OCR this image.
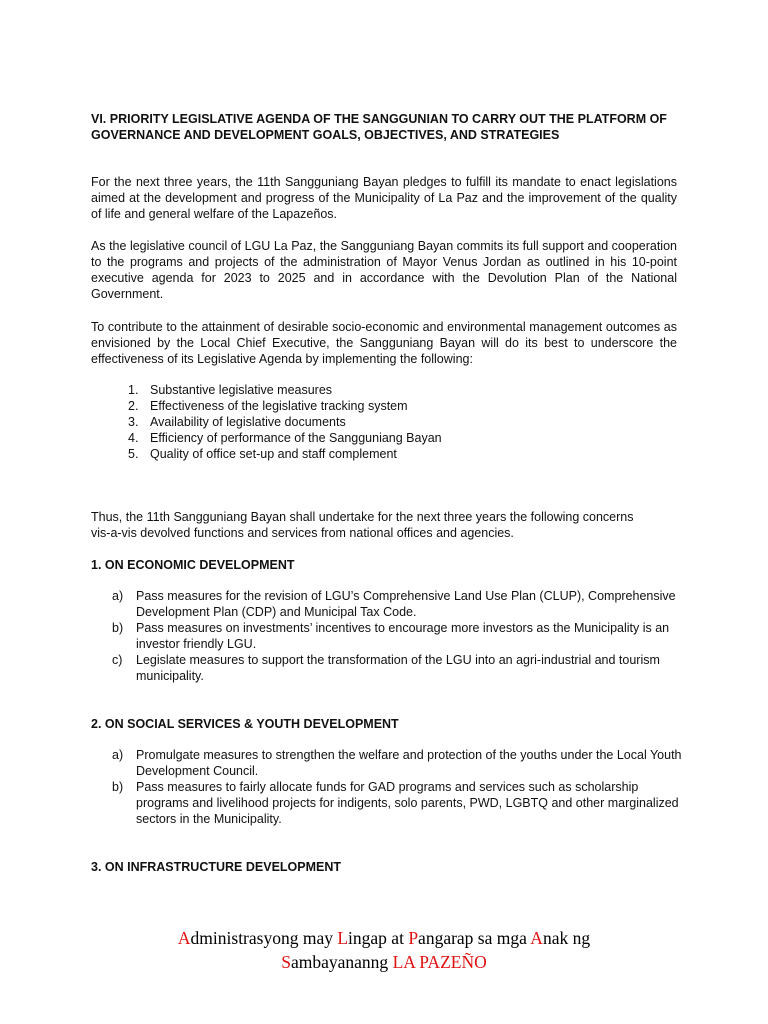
VI. PRIORITY LEGISLATIVE AGENDA OF THE SANGGUNIAN TO CARRY OUT THE PLATFORM OF
GOVERNANCE AND DEVELOPMENT GOALS, OBJECTIVES, AND STRATEGIES

For the next three years, the 11th Sangguniang Bayan pledges to fulfill its mandate to enact legislations aimed at the development and progress of the Municipality of La Paz and the improvement of the quality of life and general welfare of the Lapazeños.

As the legislative council of LGU La Paz, the Sangguniang Bayan commits its full support and cooperation to the programs and projects of the administration of Mayor Venus Jordan as outlined in his 10-point executive agenda for 2023 to 2025 and in accordance with the Devolution Plan of the National Government.

To contribute to the attainment of desirable socio-economic and environmental management outcomes as envisioned by the Local Chief Executive, the Sangguniang Bayan will do its best to underscore the effectiveness of its Legislative Agenda by implementing the following:

1. Substantive legislative measures
2. Effectiveness of the legislative tracking system
3. Availability of legislative documents
4. Efficiency of performance of the Sangguniang Bayan
5. Quality of office set-up and staff complement

Thus, the 11th Sangguniang Bayan shall undertake for the next three years the following concerns vis-a-vis devolved functions and services from national offices and agencies.

1. ON ECONOMIC DEVELOPMENT
a) Pass measures for the revision of LGU’s Comprehensive Land Use Plan (CLUP), Comprehensive Development Plan (CDP) and Municipal Tax Code.
b) Pass measures on investments’ incentives to encourage more investors as the Municipality is an investor friendly LGU.
c) Legislate measures to support the transformation of the LGU into an agri-industrial and tourism municipality.
2. ON SOCIAL SERVICES & YOUTH DEVELOPMENT
a) Promulgate measures to strengthen the welfare and protection of the youths under the Local Youth Development Council.
b) Pass measures to fairly allocate funds for GAD programs and services such as scholarship programs and livelihood projects for indigents, solo parents, PWD, LGBTQ and other marginalized sectors in the Municipality.
3. ON INFRASTRUCTURE DEVELOPMENT
Administrasyong may Lingap at Pangarap sa mga Anak ng
Sambayananng LA PAZEÑO
